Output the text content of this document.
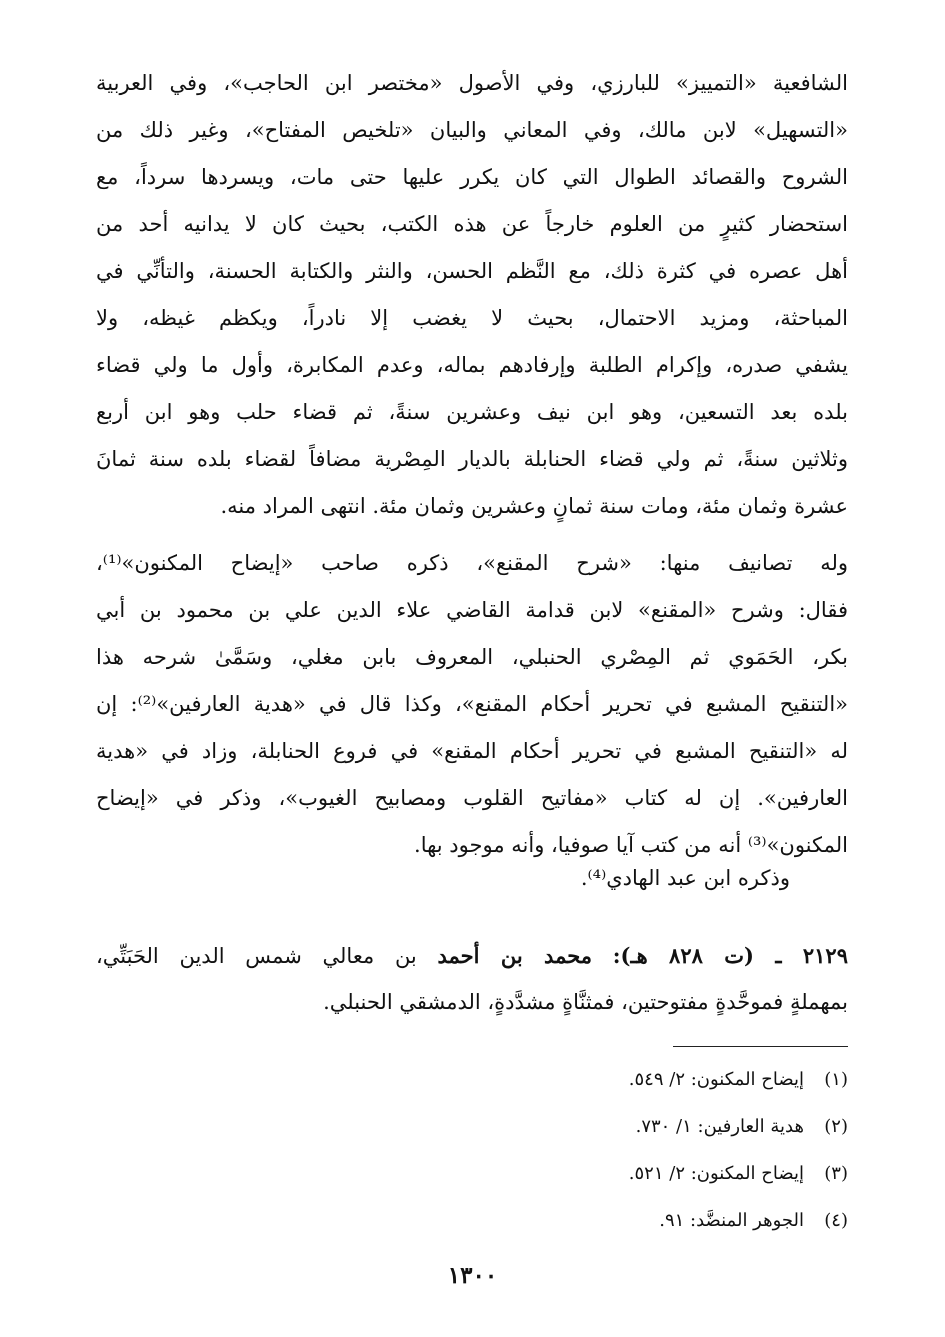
الشافعية «التمييز» للبارزي، وفي الأصول «مختصر ابن الحاجب»، وفي العربية
«التسهيل» لابن مالك، وفي المعاني والبيان «تلخيص المفتاح»، وغير ذلك من
الشروح والقصائد الطوال التي كان يكرر عليها حتى مات، ويسردها سرداً، مع
استحضار كثيرٍ من العلوم خارجاً عن هذه الكتب، بحيث كان لا يدانيه أحد من
أهل عصره في كثرة ذلك، مع النَّظم الحسن، والنثر والكتابة الحسنة، والتأنِّي في
المباحثة، ومزيد الاحتمال، بحيث لا يغضب إلا نادراً، ويكظم غيظه، ولا
يشفي صدره، وإكرام الطلبة وإرفادهم بماله، وعدم المكابرة، وأول ما ولي قضاء
بلده بعد التسعين، وهو ابن نيف وعشرين سنةً، ثم قضاء حلب وهو ابن أربع
وثلاثين سنةً، ثم ولي قضاء الحنابلة بالديار المِصْرية مضافاً لقضاء بلده سنة ثمانَ
عشرة وثمان مئة، ومات سنة ثمانٍ وعشرين وثمان مئة. انتهى المراد منه.
وله تصانيف منها: «شرح المقنع»، ذكره صاحب «إيضاح المكنون»⁽¹⁾،
فقال: وشرح «المقنع» لابن قدامة القاضي علاء الدين علي بن محمود بن أبي
بكر، الحَمَوي ثم المِصْري الحنبلي، المعروف بابن مغلي، وسَمَّىٰ شرحه هذا
«التنقيح المشبع في تحرير أحكام المقنع»، وكذا قال في «هدية العارفين»⁽²⁾: إن
له «التنقيح المشبع في تحرير أحكام المقنع» في فروع الحنابلة، وزاد في «هدية
العارفين». إن له كتاب «مفاتيح القلوب ومصابيح الغيوب»، وذكر في «إيضاح
المكنون»⁽³⁾ أنه من كتب آيا صوفيا، وأنه موجود بها.
وذكره ابن عبد الهادي⁽⁴⁾.
٢١٢٩ ـ (ت ٨٢٨ هـ): محمد بن أحمد بن معالي شمس الدين الحَبَتِّي،
بمهملةٍ فموحَّدةٍ مفتوحتين، فمثنَّاةٍ مشدَّدةٍ، الدمشقي الحنبلي.
(١)إيضاح المكنون: ٢/ ٥٤٩.
(٢)هدية العارفين: ١/ ٧٣٠.
(٣)إيضاح المكنون: ٢/ ٥٢١.
(٤)الجوهر المنضَّد: ٩١.
١٣٠٠
